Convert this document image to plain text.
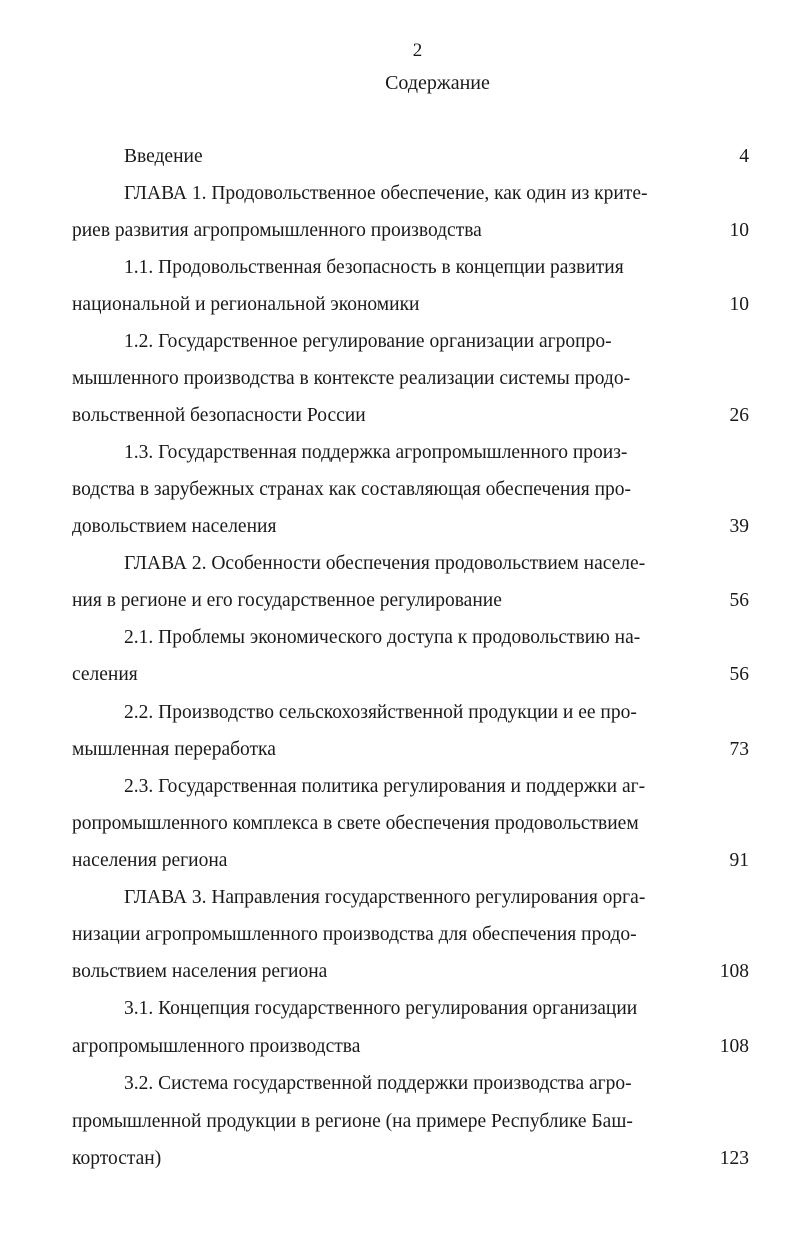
2
Содержание
Введение	4
ГЛАВА 1. Продовольственное обеспечение, как один из крите-
риев развития агропромышленного производства	10
1.1. Продовольственная безопасность в концепции развития
национальной и региональной экономики	10
1.2. Государственное регулирование организации агропро-
мышленного производства в контексте реализации системы продо-
вольственной безопасности России	26
1.3. Государственная поддержка агропромышленного произ-
водства в зарубежных странах как составляющая обеспечения про-
довольствием населения	39
ГЛАВА 2. Особенности обеспечения продовольствием населе-
ния в регионе и его государственное регулирование	56
2.1. Проблемы экономического доступа к продовольствию на-
селения	56
2.2. Производство сельскохозяйственной продукции и ее про-
мышленная переработка	73
2.3. Государственная политика регулирования и поддержки аг-
ропромышленного комплекса в свете обеспечения продовольствием
населения региона	91
ГЛАВА 3. Направления государственного регулирования орга-
низации агропромышленного производства для обеспечения продо-
вольствием населения региона	108
3.1. Концепция государственного регулирования организации
агропромышленного производства	108
3.2. Система государственной поддержки производства агро-
промышленной продукции в регионе (на примере Республике Баш-
кортостан)	123
